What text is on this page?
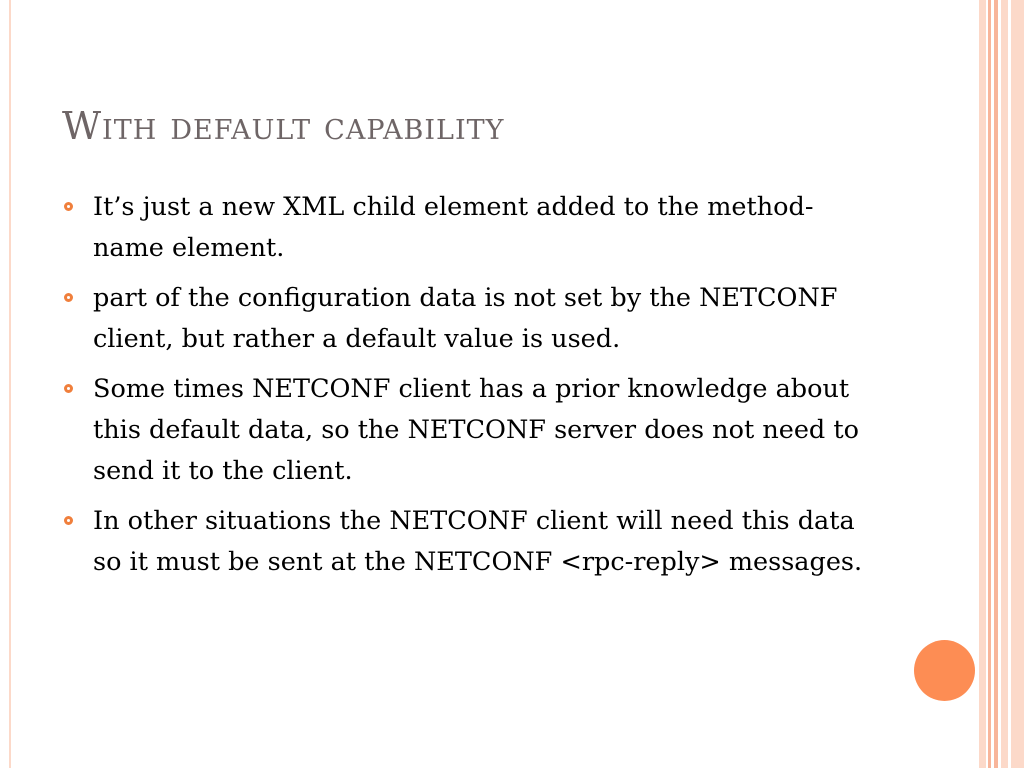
With default capability
It’s just a new XML child element added to the method-name element.
part of the configuration data is not set by the NETCONF client, but rather a default value is used.
Some times NETCONF client has a prior knowledge about this default data, so the NETCONF server does not need to send it to the client.
In other situations the NETCONF client will need this data so it must be sent at the NETCONF <rpc-reply> messages.
